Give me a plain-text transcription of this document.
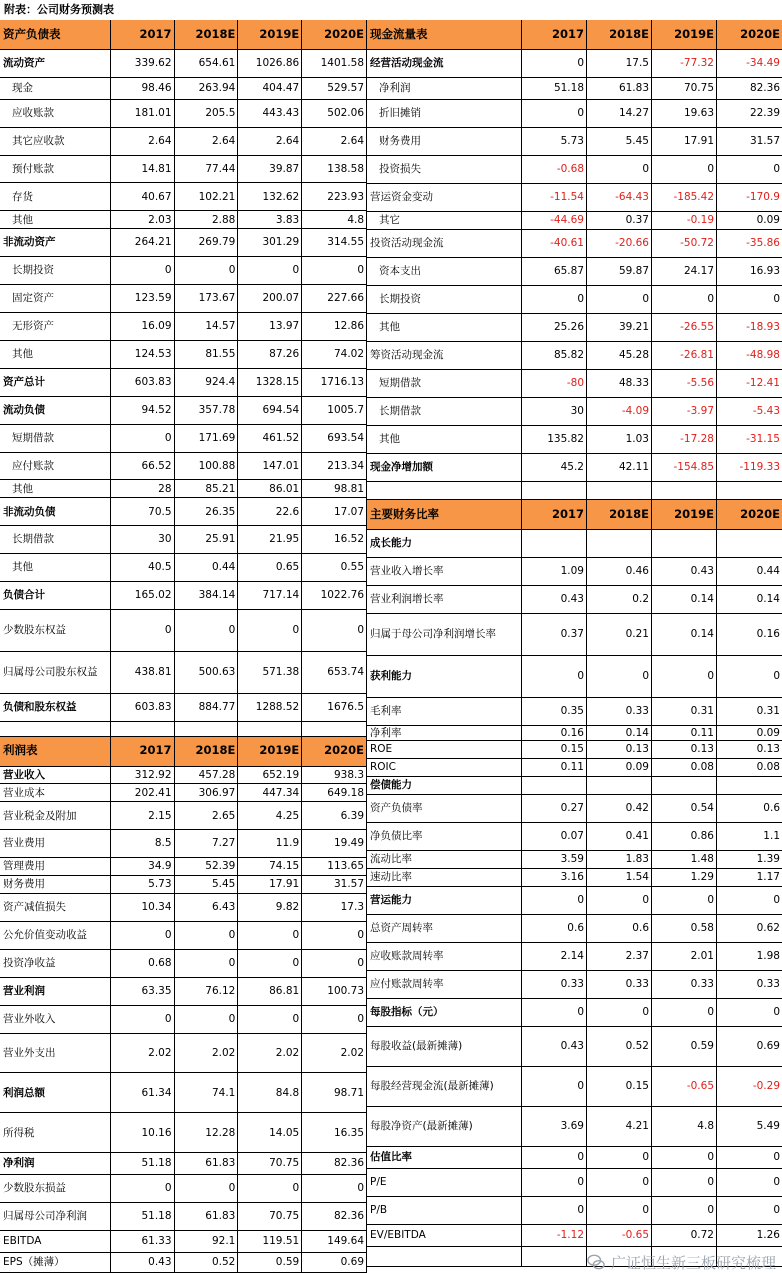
附表：公司财务预测表
资产负债表	2017	2018E	2019E	2020E
流动资产	339.62	654.61	1026.86	1401.58
现金	98.46	263.94	404.47	529.57
应收账款	181.01	205.5	443.43	502.06
其它应收款	2.64	2.64	2.64	2.64
预付账款	14.81	77.44	39.87	138.58
存货	40.67	102.21	132.62	223.93
其他	2.03	2.88	3.83	4.8
非流动资产	264.21	269.79	301.29	314.55
长期投资	0	0	0	0
固定资产	123.59	173.67	200.07	227.66
无形资产	16.09	14.57	13.97	12.86
其他	124.53	81.55	87.26	74.02
资产总计	603.83	924.4	1328.15	1716.13
流动负债	94.52	357.78	694.54	1005.7
短期借款	0	171.69	461.52	693.54
应付账款	66.52	100.88	147.01	213.34
其他	28	85.21	86.01	98.81
非流动负债	70.5	26.35	22.6	17.07
长期借款	30	25.91	21.95	16.52
其他	40.5	0.44	0.65	0.55
负债合计	165.02	384.14	717.14	1022.76
少数股东权益	0	0	0	0
归属母公司股东权益	438.81	500.63	571.38	653.74
负债和股东权益	603.83	884.77	1288.52	1676.5
利润表	2017	2018E	2019E	2020E
营业收入	312.92	457.28	652.19	938.3
营业成本	202.41	306.97	447.34	649.18
营业税金及附加	2.15	2.65	4.25	6.39
营业费用	8.5	7.27	11.9	19.49
管理费用	34.9	52.39	74.15	113.65
财务费用	5.73	5.45	17.91	31.57
资产减值损失	10.34	6.43	9.82	17.3
公允价值变动收益	0	0	0	0
投资净收益	0.68	0	0	0
营业利润	63.35	76.12	86.81	100.73
营业外收入	0	0	0	0
营业外支出	2.02	2.02	2.02	2.02
利润总额	61.34	74.1	84.8	98.71
所得税	10.16	12.28	14.05	16.35
净利润	51.18	61.83	70.75	82.36
少数股东损益	0	0	0	0
归属母公司净利润	51.18	61.83	70.75	82.36
EBITDA	61.33	92.1	119.51	149.64
EPS（摊薄）	0.43	0.52	0.59	0.69
现金流量表	2017	2018E	2019E	2020E
经营活动现金流	0	17.5	-77.32	-34.49
净利润	51.18	61.83	70.75	82.36
折旧摊销	0	14.27	19.63	22.39
财务费用	5.73	5.45	17.91	31.57
投资损失	-0.68	0	0	0
营运资金变动	-11.54	-64.43	-185.42	-170.9
其它	-44.69	0.37	-0.19	0.09
投资活动现金流	-40.61	-20.66	-50.72	-35.86
资本支出	65.87	59.87	24.17	16.93
长期投资	0	0	0	0
其他	25.26	39.21	-26.55	-18.93
筹资活动现金流	85.82	45.28	-26.81	-48.98
短期借款	-80	48.33	-5.56	-12.41
长期借款	30	-4.09	-3.97	-5.43
其他	135.82	1.03	-17.28	-31.15
现金净增加额	45.2	42.11	-154.85	-119.33
主要财务比率	2017	2018E	2019E	2020E
成长能力
营业收入增长率	1.09	0.46	0.43	0.44
营业利润增长率	0.43	0.2	0.14	0.14
归属于母公司净利润增长率	0.37	0.21	0.14	0.16
获利能力	0	0	0	0
毛利率	0.35	0.33	0.31	0.31
净利率	0.16	0.14	0.11	0.09
ROE	0.15	0.13	0.13	0.13
ROIC	0.11	0.09	0.08	0.08
偿债能力
资产负债率	0.27	0.42	0.54	0.6
净负债比率	0.07	0.41	0.86	1.1
流动比率	3.59	1.83	1.48	1.39
速动比率	3.16	1.54	1.29	1.17
营运能力	0	0	0	0
总资产周转率	0.6	0.6	0.58	0.62
应收账款周转率	2.14	2.37	2.01	1.98
应付账款周转率	0.33	0.33	0.33	0.33
每股指标（元）	0	0	0	0
每股收益(最新摊薄)	0.43	0.52	0.59	0.69
每股经营现金流(最新摊薄)	0	0.15	-0.65	-0.29
每股净资产(最新摊薄)	3.69	4.21	4.8	5.49
估值比率	0	0	0	0
P/E	0	0	0	0
P/B	0	0	0	0
EV/EBITDA	-1.12	-0.65	0.72	1.26
广证恒生新三板研究梳理
